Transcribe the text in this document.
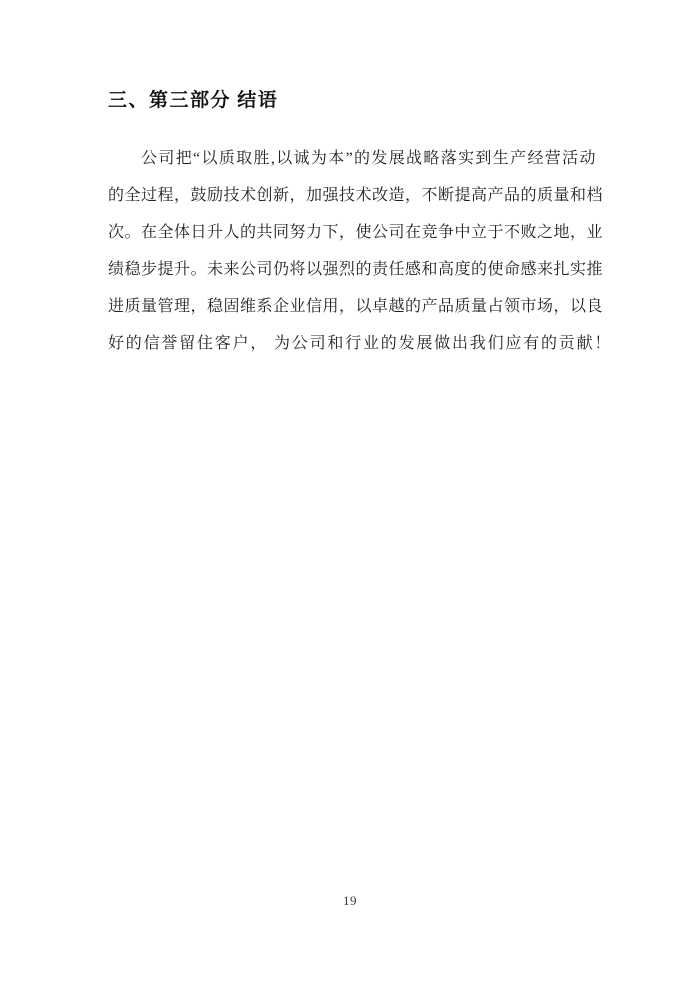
三、第三部分 结语
公司把“以质取胜,以诚为本”的发展战略落实到生产经营活动
的全过程，鼓励技术创新，加强技术改造，不断提高产品的质量和档
次。在全体日升人的共同努力下，使公司在竞争中立于不败之地，业
绩稳步提升。未来公司仍将以强烈的责任感和高度的使命感来扎实推
进质量管理，稳固维系企业信用，以卓越的产品质量占领市场，以良
好的信誉留住客户， 为公司和行业的发展做出我们应有的贡献！
19
